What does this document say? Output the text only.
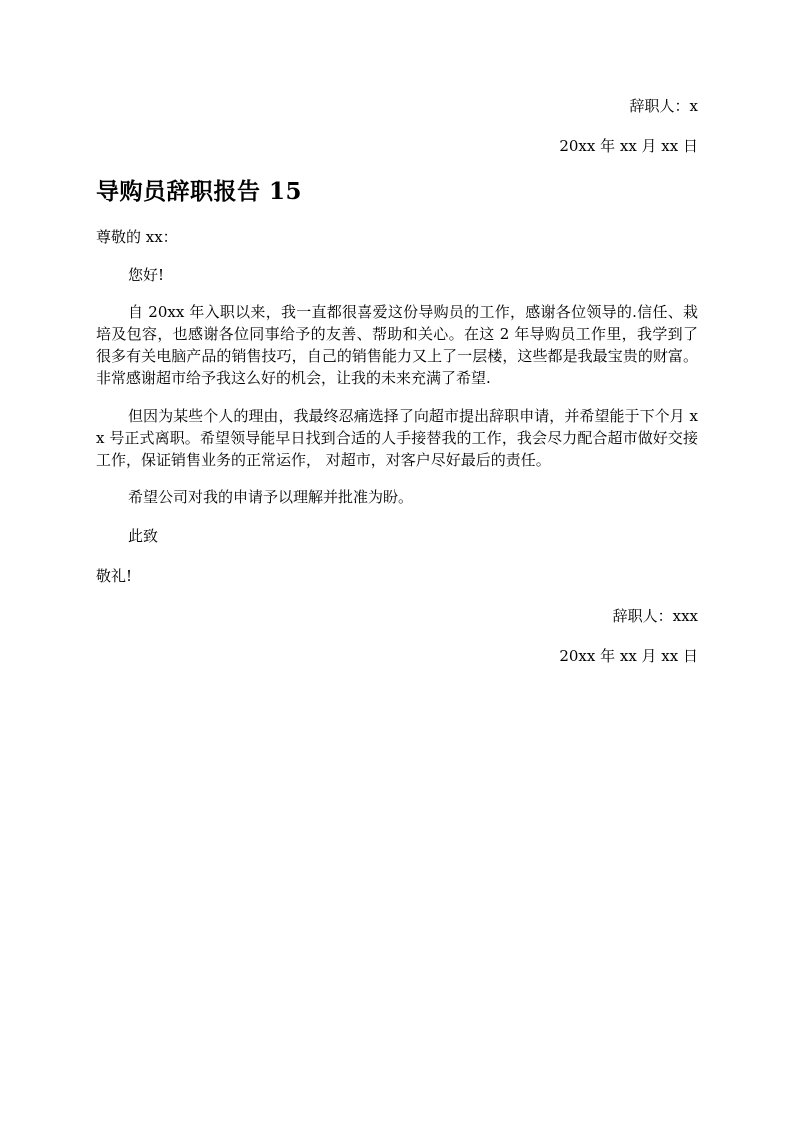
辞职人：x
20xx 年 xx 月 xx 日
导购员辞职报告 15
尊敬的 xx：
您好!
自 20xx 年入职以来，我一直都很喜爱这份导购员的工作，感谢各位领导的.信任、栽培及包容，也感谢各位同事给予的友善、帮助和关心。在这 2 年导购员工作里，我学到了很多有关电脑产品的销售技巧，自己的销售能力又上了一层楼，这些都是我最宝贵的财富。非常感谢超市给予我这么好的机会，让我的未来充满了希望.
但因为某些个人的理由，我最终忍痛选择了向超市提出辞职申请，并希望能于下个月 xx 号正式离职。希望领导能早日找到合适的人手接替我的工作，我会尽力配合超市做好交接工作，保证销售业务的正常运作， 对超市，对客户尽好最后的责任。
希望公司对我的申请予以理解并批准为盼。
此致
敬礼!
辞职人：xxx
20xx 年 xx 月 xx 日
